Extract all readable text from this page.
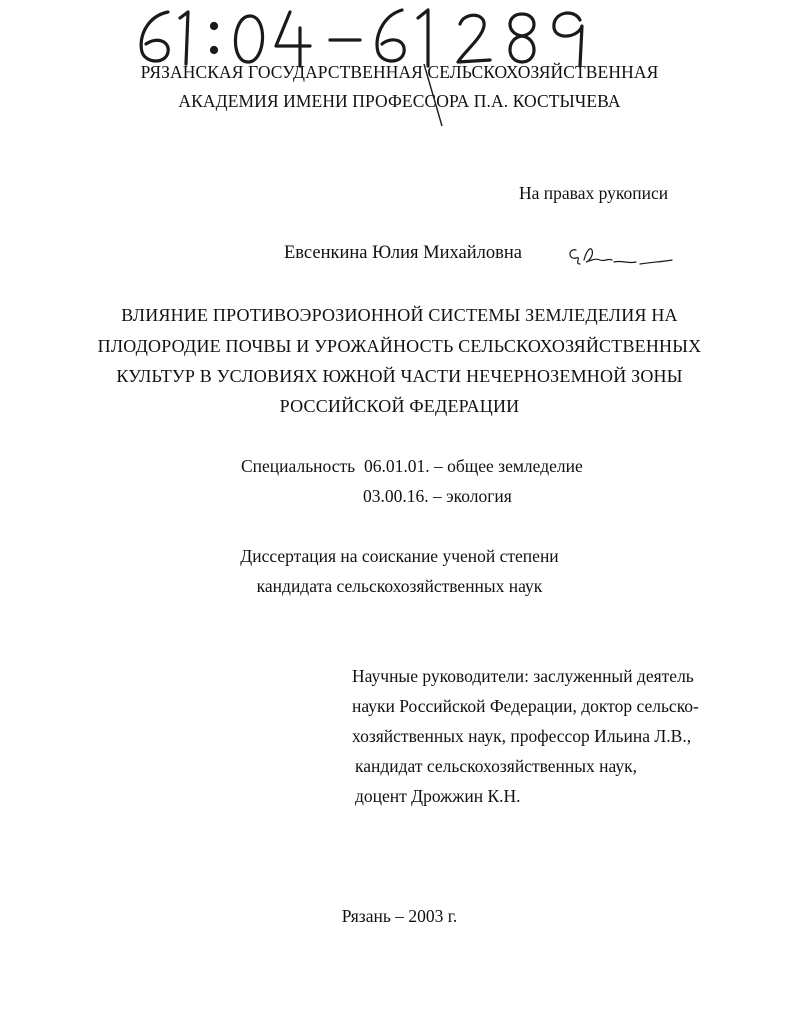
РЯЗАНСКАЯ ГОСУДАРСТВЕННАЯ СЕЛЬСКОХОЗЯЙСТВЕННАЯ
АКАДЕМИЯ ИМЕНИ ПРОФЕССОРА П.А. КОСТЫЧЕВА
На правах рукописи
Евсенкина Юлия Михайловна
ВЛИЯНИЕ ПРОТИВОЭРОЗИОННОЙ СИСТЕМЫ ЗЕМЛЕДЕЛИЯ НА
ПЛОДОРОДИЕ ПОЧВЫ И УРОЖАЙНОСТЬ СЕЛЬСКОХОЗЯЙСТВЕННЫХ
КУЛЬТУР В УСЛОВИЯХ ЮЖНОЙ ЧАСТИ НЕЧЕРНОЗЕМНОЙ ЗОНЫ
РОССИЙСКОЙ ФЕДЕРАЦИИ
Специальность 06.01.01. – общее земледелие
03.00.16. – экология
Диссертация на соискание ученой степени
кандидата сельскохозяйственных наук
Научные руководители: заслуженный деятель
науки Российской Федерации, доктор сельско-
хозяйственных наук, профессор Ильина Л.В.,
кандидат сельскохозяйственных наук,
доцент Дрожжин К.Н.
Рязань – 2003 г.
